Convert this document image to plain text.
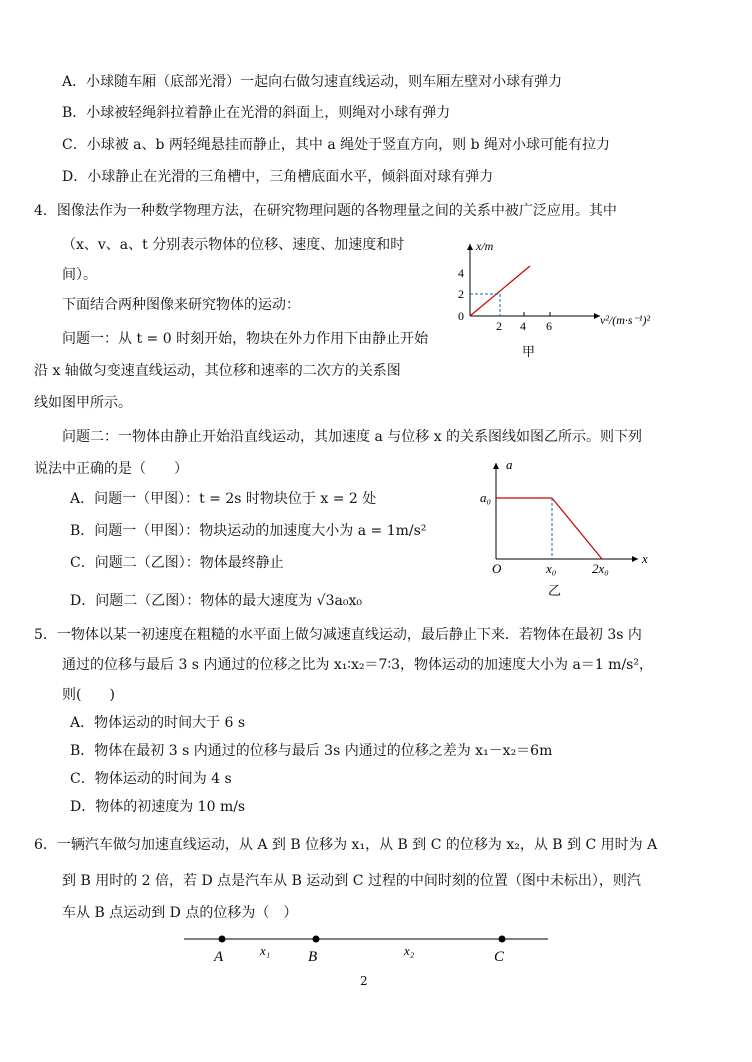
A．小球随车厢（底部光滑）一起向右做匀速直线运动，则车厢左壁对小球有弹力
B．小球被轻绳斜拉着静止在光滑的斜面上，则绳对小球有弹力
C．小球被 a、b 两轻绳悬挂而静止，其中 a 绳处于竖直方向，则 b 绳对小球可能有拉力
D．小球静止在光滑的三角槽中，三角槽底面水平，倾斜面对球有弹力
4．图像法作为一种数学物理方法，在研究物理问题的各物理量之间的关系中被广泛应用。其中
（x、v、a、t 分别表示物体的位移、速度、加速度和时
间）。
下面结合两种图像来研究物体的运动：
问题一：从 t = 0 时刻开始，物块在外力作用下由静止开始
沿 x 轴做匀变速直线运动，其位移和速率的二次方的关系图
线如图甲所示。
问题二：一物体由静止开始沿直线运动，其加速度 a 与位移 x 的关系图线如图乙所示。则下列
说法中正确的是（　　）
A．问题一（甲图）：t = 2s 时物块位于 x = 2 处
B．问题一（甲图）：物块运动的加速度大小为 a = 1m/s²
C．问题二（乙图）：物体最终静止
D．问题二（乙图）：物体的最大速度为 √3a₀x₀
x/m
4
2
0
2 4 6	v²/(m·s⁻¹)²
甲
a
a₀
O	x₀	2x₀
x
乙
5．一物体以某一初速度在粗糙的水平面上做匀减速直线运动，最后静止下来．若物体在最初 3s 内
通过的位移与最后 3 s 内通过的位移之比为 x₁∶x₂＝7∶3，物体运动的加速度大小为 a＝1 m/s²，
则(　　)
A．物体运动的时间大于 6 s
B．物体在最初 3 s 内通过的位移与最后 3s 内通过的位移之差为 x₁－x₂＝6m
C．物体运动的时间为 4 s
D．物体的初速度为 10 m/s
6．一辆汽车做匀加速直线运动，从 A 到 B 位移为 x₁，从 B 到 C 的位移为 x₂，从 B 到 C 用时为 A
到 B 用时的 2 倍，若 D 点是汽车从 B 运动到 C 过程的中间时刻的位置（图中未标出），则汽
车从 B 点运动到 D 点的位移为（　）
A	B	C
x₁	x₂
2
